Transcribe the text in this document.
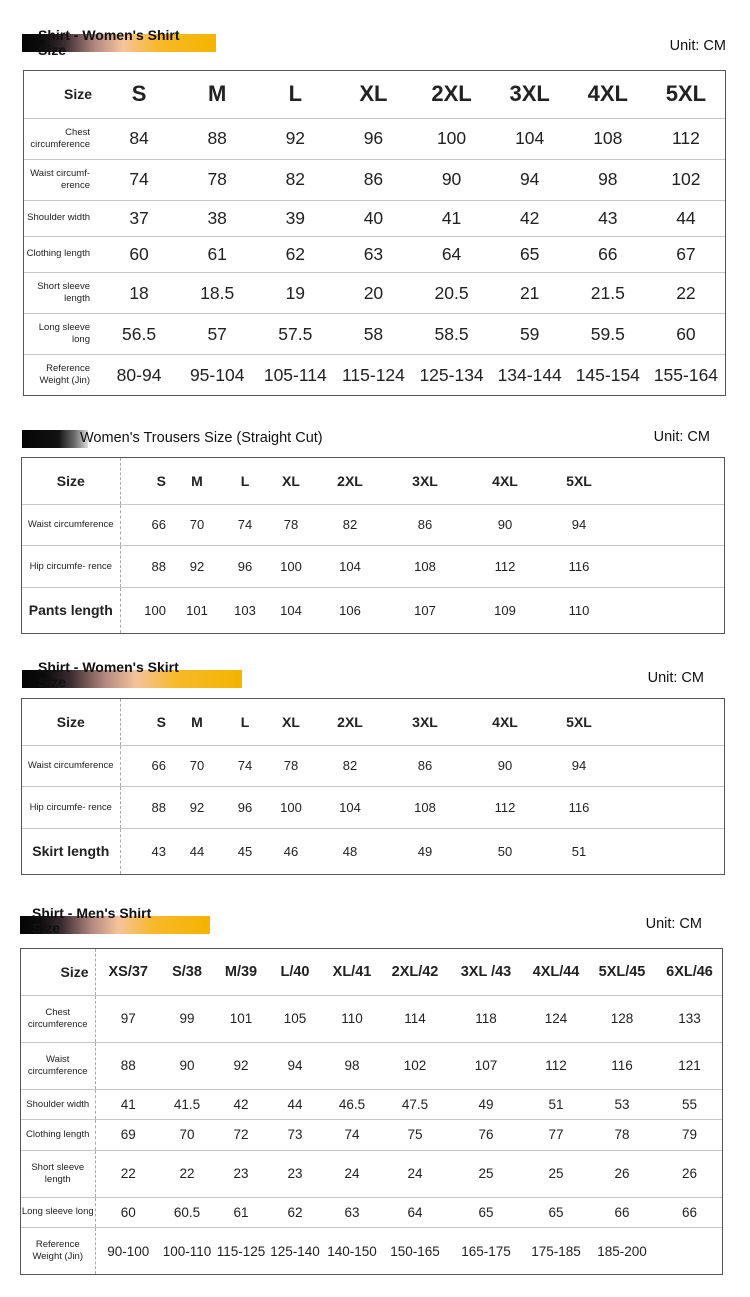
Shirt - Women's Shirt
Size	Unit: CM
Size	S	M	L	XL	2XL	3XL	4XL	5XL
Chest circumference	84	88	92	96	100	104	108	112
Waist circumf- erence	74	78	82	86	90	94	98	102
Shoulder width	37	38	39	40	41	42	43	44
Clothing length	60	61	62	63	64	65	66	67
Short sleeve length	18	18.5	19	20	20.5	21	21.5	22
Long sleeve long	56.5	57	57.5	58	58.5	59	59.5	60
Reference Weight (Jin)	80-94	95-104	105-114	115-124	125-134	134-144	145-154	155-164
Women's Trousers Size (Straight Cut)	Unit: CM
Size	S	M	L	XL	2XL	3XL	4XL	5XL	
Waist circumference	66	70	74	78	82	86	90	94	
Hip circumfe- rence	88	92	96	100	104	108	112	116	
Pants length	100	101	103	104	106	107	109	110	
Shirt - Women's Skirt
Size	Unit: CM
Size	S	M	L	XL	2XL	3XL	4XL	5XL	
Waist circumference	66	70	74	78	82	86	90	94	
Hip circumfe- rence	88	92	96	100	104	108	112	116	
Skirt length	43	44	45	46	48	49	50	51	
Shirt - Men's Shirt
Size	Unit: CM
Size	XS/37	S/38	M/39	L/40	XL/41	2XL/42	3XL /43	4XL/44	5XL/45	6XL/46
Chest circumference	97	99	101	105	110	114	118	124	128	133
Waist circumference	88	90	92	94	98	102	107	112	116	121
Shoulder width	41	41.5	42	44	46.5	47.5	49	51	53	55
Clothing length	69	70	72	73	74	75	76	77	78	79
Short sleeve length	22	22	23	23	24	24	25	25	26	26
Long sleeve long	60	60.5	61	62	63	64	65	65	66	66
Reference Weight (Jin)	90-100	100-110	115-125	125-140	140-150	150-165	165-175	175-185	185-200	
